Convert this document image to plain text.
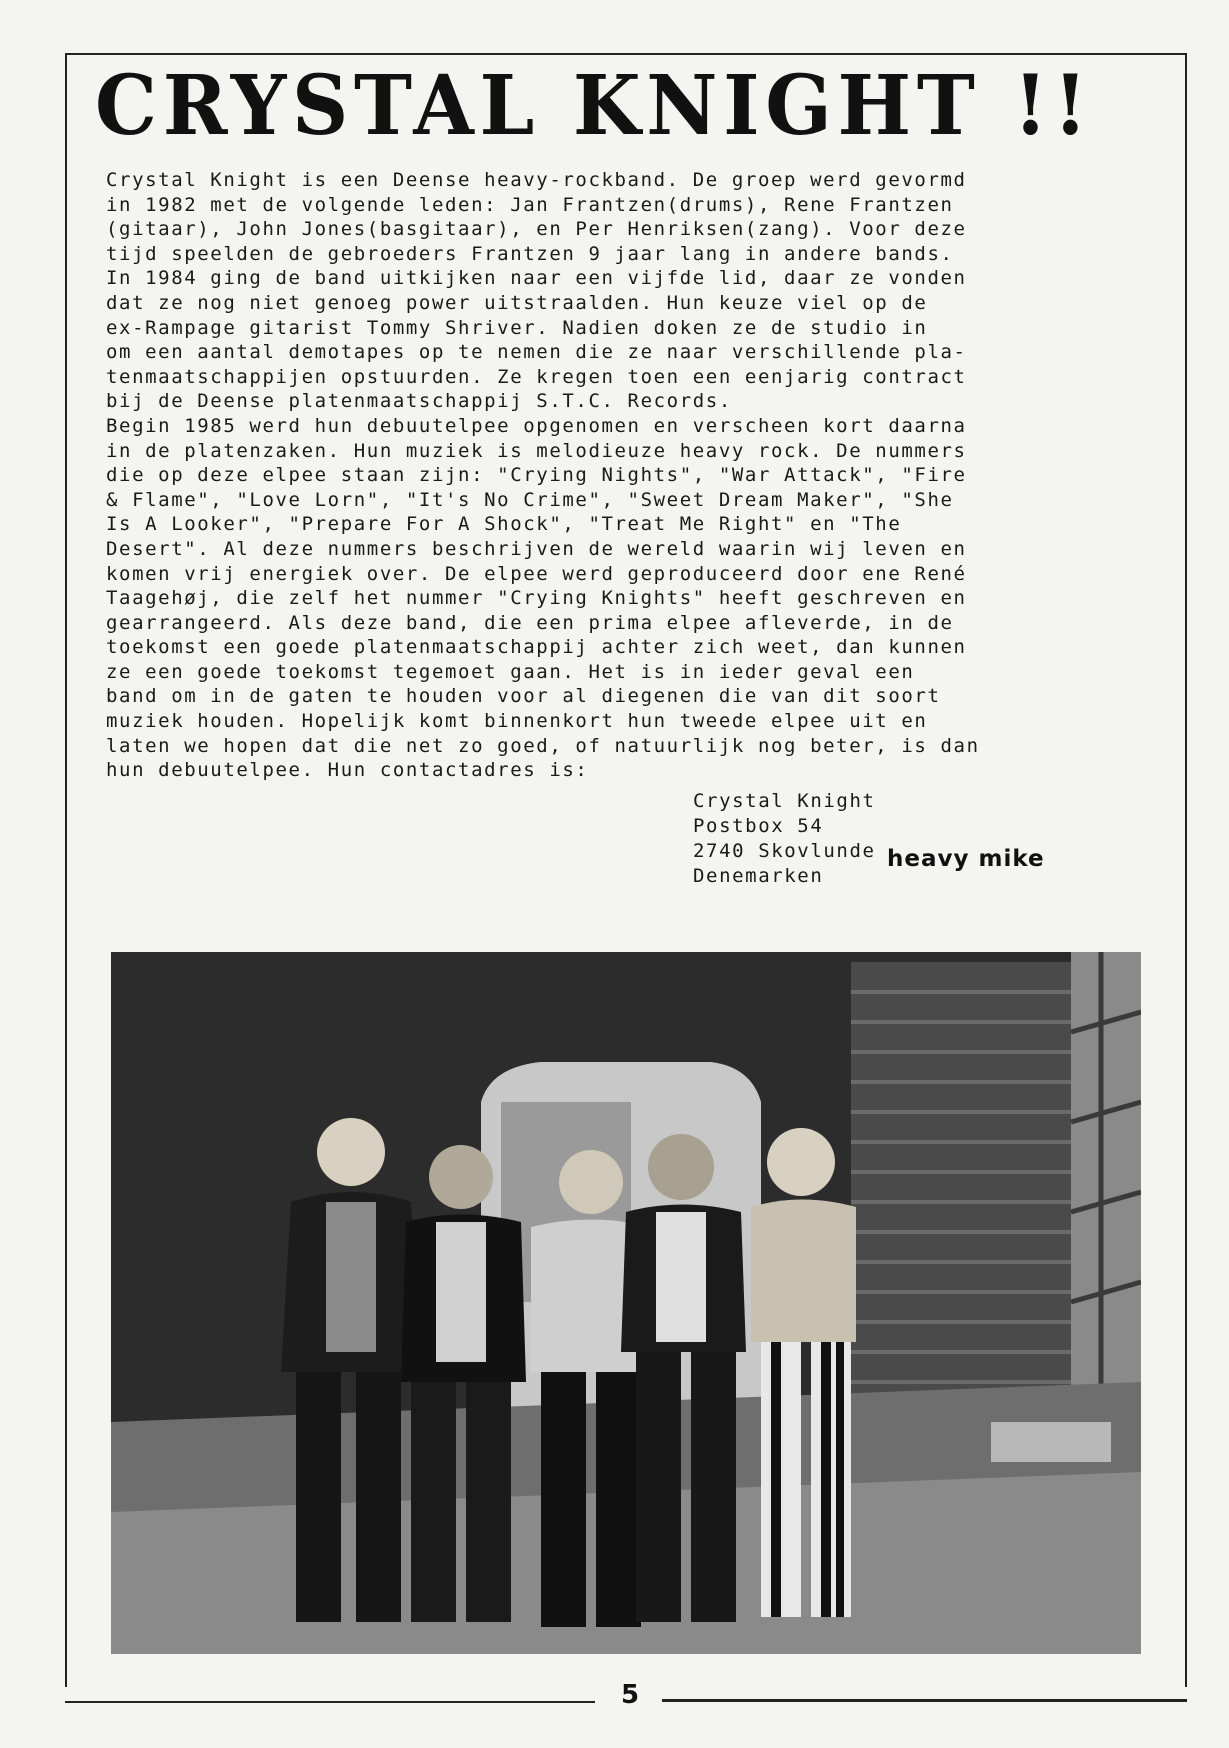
CRYSTAL KNIGHT !!
Crystal Knight is een Deense heavy-rockband. De groep werd gevormd
in 1982 met de volgende leden: Jan Frantzen(drums), Rene Frantzen
(gitaar), John Jones(basgitaar), en Per Henriksen(zang). Voor deze
tijd speelden de gebroeders Frantzen 9 jaar lang in andere bands.
In 1984 ging de band uitkijken naar een vijfde lid, daar ze vonden
dat ze nog niet genoeg power uitstraalden. Hun keuze viel op de
ex-Rampage gitarist Tommy Shriver. Nadien doken ze de studio in
om een aantal demotapes op te nemen die ze naar verschillende pla-
tenmaatschappijen opstuurden. Ze kregen toen een eenjarig contract
bij de Deense platenmaatschappij S.T.C. Records.
Begin 1985 werd hun debuutelpee opgenomen en verscheen kort daarna
in de platenzaken. Hun muziek is melodieuze heavy rock. De nummers
die op deze elpee staan zijn: "Crying Nights", "War Attack", "Fire
& Flame", "Love Lorn", "It's No Crime", "Sweet Dream Maker", "She
Is A Looker", "Prepare For A Shock", "Treat Me Right" en "The
Desert". Al deze nummers beschrijven de wereld waarin wij leven en
komen vrij energiek over. De elpee werd geproduceerd door ene René
Taagehøj, die zelf het nummer "Crying Knights" heeft geschreven en
gearrangeerd. Als deze band, die een prima elpee afleverde, in de
toekomst een goede platenmaatschappij achter zich weet, dan kunnen
ze een goede toekomst tegemoet gaan. Het is in ieder geval een
band om in de gaten te houden voor al diegenen die van dit soort
muziek houden. Hopelijk komt binnenkort hun tweede elpee uit en
laten we hopen dat die net zo goed, of natuurlijk nog beter, is dan
hun debuutelpee. Hun contactadres is:
Crystal Knight
Postbox 54
2740 Skovlunde
Denemarken
heavy mike
5
